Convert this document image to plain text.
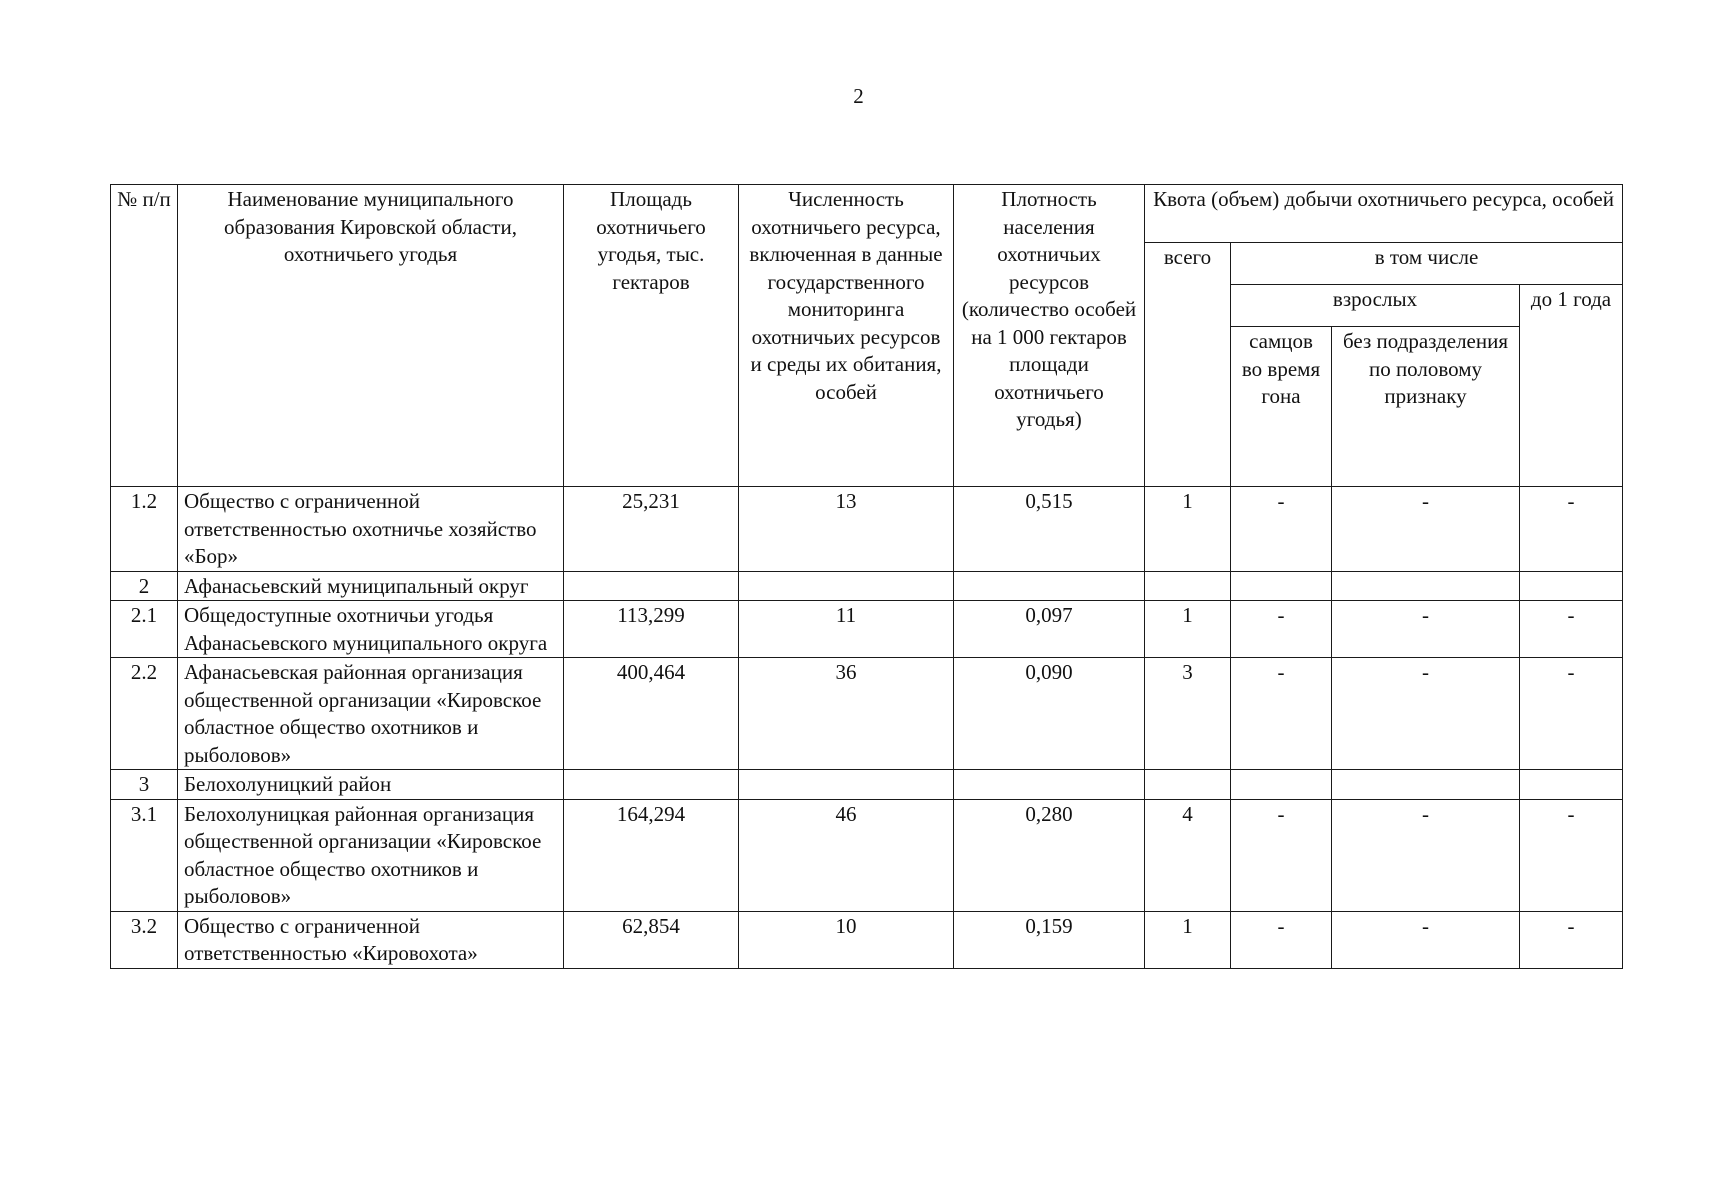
2
№ п/п	Наименование муниципального образования Кировской области, охотничьего угодья	Площадь охотничьего угодья, тыс. гектаров	Численность охотничьего ресурса, включенная в данные государственного мониторинга охотничьих ресурсов и среды их обитания, особей	Плотность населения охотничьих ресурсов (количество особей на 1 000 гектаров площади охотничьего угодья)	Квота (объем) добычи охотничьего ресурса, особей			
					всего	в том числе		
						взрослых		до 1 года
						самцов во время гона	без подразделения по половому признаку	
1.2	Общество с ограниченной ответственностью охотничье хозяйство «Бор»	25,231	13	0,515	1	-	-	-
2	Афанасьевский муниципальный округ							
2.1	Общедоступные охотничьи угодья Афанасьевского муниципального округа	113,299	11	0,097	1	-	-	-
2.2	Афанасьевская районная организация общественной организации «Кировское областное общество охотников и рыболовов»	400,464	36	0,090	3	-	-	-
3	Белохолуницкий район							
3.1	Белохолуницкая районная организация общественной организации «Кировское областное общество охотников и рыболовов»	164,294	46	0,280	4	-	-	-
3.2	Общество с ограниченной ответственностью «Кировохота»	62,854	10	0,159	1	-	-	-
